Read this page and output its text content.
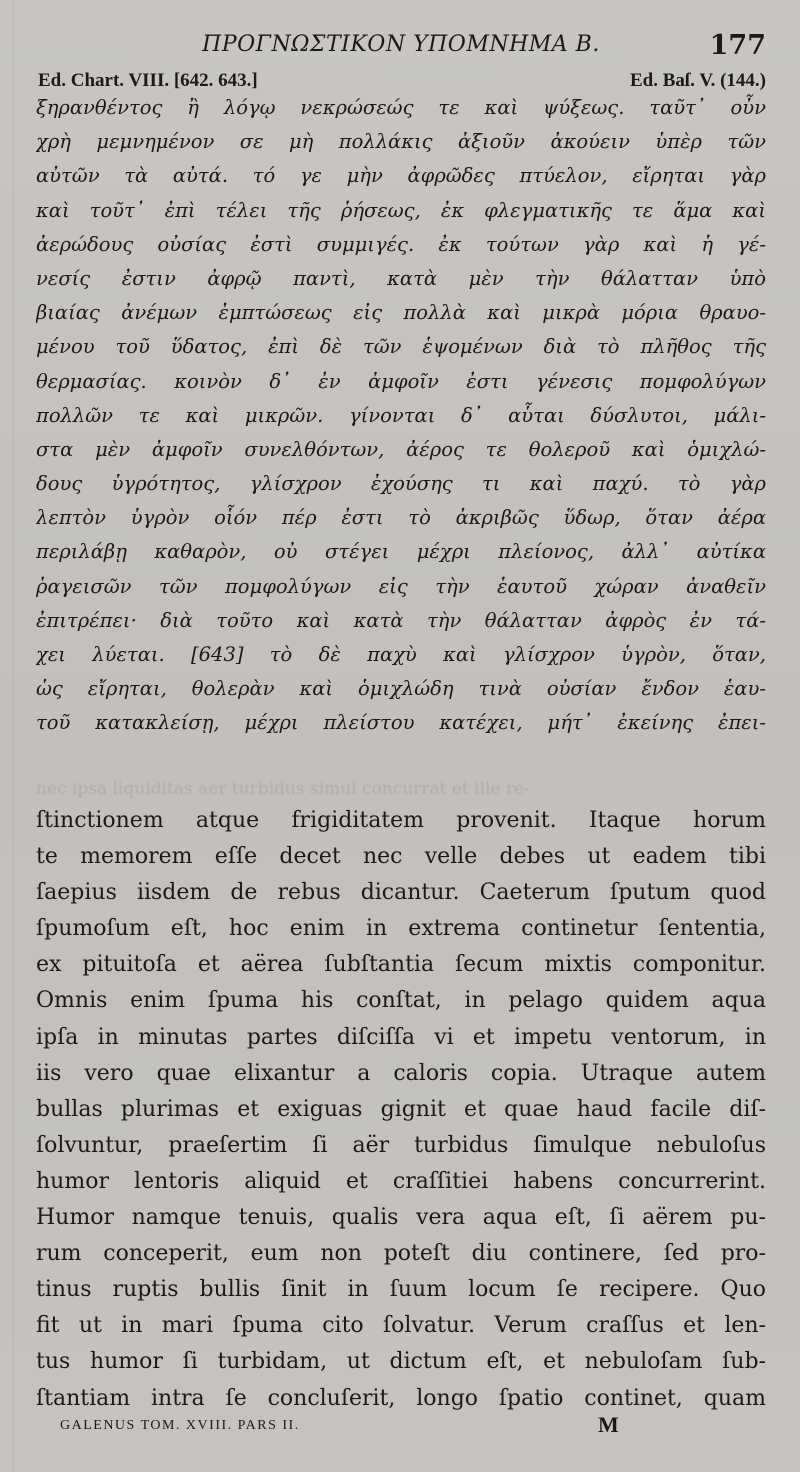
ΠΡΟΓΝΩΣΤΙΚΟΝ ΥΠΟΜΝΗΜΑ Β.	177
Ed. Chart. VIII. [642. 643.]	Ed. Baſ. V. (144.)
ξηρανθέντος ἢ λόγῳ νεκρώσεώς τε καὶ ψύξεως. ταῦτ᾽ οὖν
χρὴ μεμνημένον σε μὴ πολλάκις ἀξιοῦν ἀκούειν ὑπὲρ τῶν
αὐτῶν τὰ αὐτά. τό γε μὴν ἀφρῶδες πτύελον, εἴρηται γὰρ
καὶ τοῦτ᾽ ἐπὶ τέλει τῆς ῥήσεως, ἐκ φλεγματικῆς τε ἅμα καὶ
ἀερώδους οὐσίας ἐστὶ συμμιγές. ἐκ τούτων γὰρ καὶ ἡ γέ-
νεσίς ἐστιν ἀφρῷ παντὶ, κατὰ μὲν τὴν θάλατταν ὑπὸ
βιαίας ἀνέμων ἐμπτώσεως εἰς πολλὰ καὶ μικρὰ μόρια θραυο-
μένου τοῦ ὕδατος, ἐπὶ δὲ τῶν ἑψομένων διὰ τὸ πλῆθος τῆς
θερμασίας. κοινὸν δ᾽ ἐν ἀμφοῖν ἐστι γένεσις πομφολύγων
πολλῶν τε καὶ μικρῶν. γίνονται δ᾽ αὗται δύσλυτοι, μάλι-
στα μὲν ἀμφοῖν συνελθόντων, ἀέρος τε θολεροῦ καὶ ὁμιχλώ-
δους ὑγρότητος, γλίσχρον ἐχούσης τι καὶ παχύ. τὸ γὰρ
λεπτὸν ὑγρὸν οἷόν πέρ ἐστι τὸ ἀκριβῶς ὕδωρ, ὅταν ἀέρα
περιλάβῃ καθαρὸν, οὐ στέγει μέχρι πλείονος, ἀλλ᾽ αὐτίκα
ῥαγεισῶν τῶν πομφολύγων εἰς τὴν ἑαυτοῦ χώραν ἀναθεῖν
ἐπιτρέπει· διὰ τοῦτο καὶ κατὰ τὴν θάλατταν ἀφρὸς ἐν τά-
χει λύεται. [643] τὸ δὲ παχὺ καὶ γλίσχρον ὑγρὸν, ὅταν,
ὡς εἴρηται, θολερὰν καὶ ὁμιχλώδη τινὰ οὐσίαν ἔνδον ἑαυ-
τοῦ κατακλείσῃ, μέχρι πλείστου κατέχει, μήτ᾽ ἐκείνης ἐπει-
nec ipsa liquiditas aer turbidus simul concurrat et ille re-
ſtinctionem atque frigiditatem provenit. Itaque horum
te memorem eſſe decet nec velle debes ut eadem tibi
ſaepius iisdem de rebus dicantur. Caeterum ſputum quod
ſpumoſum eſt, hoc enim in extrema continetur ſententia,
ex pituitoſa et aërea ſubſtantia ſecum mixtis componitur.
Omnis enim ſpuma his conſtat, in pelago quidem aqua
ipſa in minutas partes diſciſſa vi et impetu ventorum, in
iis vero quae elixantur a caloris copia. Utraque autem
bullas plurimas et exiguas gignit et quae haud facile diſ-
ſolvuntur, praeſertim ſi aër turbidus ſimulque nebuloſus
humor lentoris aliquid et craſſitiei habens concurrerint.
Humor namque tenuis, qualis vera aqua eſt, ſi aërem pu-
rum conceperit, eum non poteſt diu continere, ſed pro-
tinus ruptis bullis ſinit in ſuum locum ſe recipere. Quo
fit ut in mari ſpuma cito ſolvatur. Verum craſſus et len-
tus humor ſi turbidam, ut dictum eſt, et nebuloſam ſub-
ſtantiam intra ſe concluſerit, longo ſpatio continet, quam
GALENUS TOM. XVIII. PARS II.	M
